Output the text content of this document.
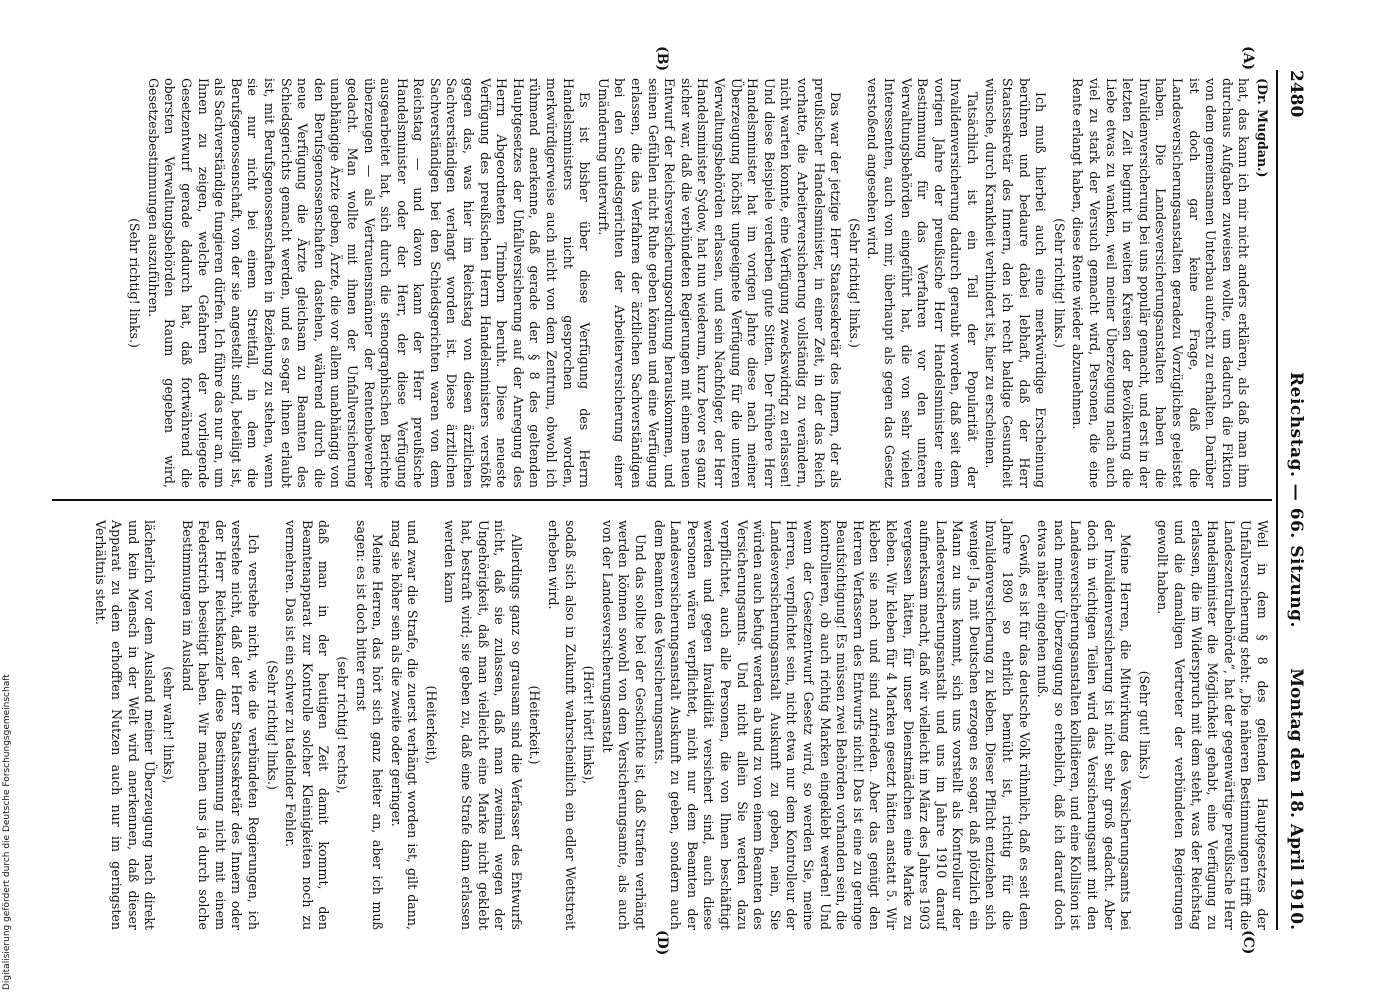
2480
Reichstag. — 66. Sitzung.
Montag den 18. April 1910.
(A)
(B)
(C)
(D)

(Dr. Mugdan.)

hat, das kann ich mir nicht anders erklären, als daß man ihm durchaus Aufgaben zuweisen wollte, um dadurch die Fiktion von dem gemeinsamen Unterbau aufrecht zu erhalten. Darüber ist doch gar keine Frage, daß die Landesversicherungsanstalten geradezu Vorzügliches geleistet haben. Die Landesversicherungsanstalten haben die Invalidenversicherung bei uns populär gemacht, und erst in der letzten Zeit beginnt in weiten Kreisen der Bevölkerung die Liebe etwas zu wanken, weil meiner Überzeugung nach auch viel zu stark der Versuch gemacht wird, Personen, die eine Rente erlangt haben, diese Rente wieder abzunehmen.

(Sehr richtig! links.)

Ich muß hierbei auch eine merkwürdige Erscheinung berühren und bedaure dabei lebhaft, daß der Herr Staatssekretär des Innern, den ich recht baldige Gesundheit wünsche, durch Krankheit verhindert ist, hier zu erscheinen.

Tatsächlich ist ein Teil der Popularität der Invalidenversicherung dadurch geraubt worden, daß seit dem vorigen Jahre der preußische Herr Handelsminister eine Bestimmung für das Verfahren vor den unteren Verwaltungsbehörden eingeführt hat, die von sehr vielen Interessenten, auch von mir, überhaupt als gegen das Gesetz verstoßend angesehen wird.

(Sehr richtig! links.)

Das war der jetzige Herr Staatssekretär des Innern, der als preußischer Handelsminister, in einer Zeit, in der das Reich vorhatte, die Arbeiterversicherung vollständig zu verändern, nicht warten konnte, eine Verfügung zweckswidrig zu erlassen! Und diese Beispiele verderben gute Sitten. Der frühere Herr Handelsminister hat im vorigen Jahre diese nach meiner Überzeugung höchst ungeeignete Verfügung für die unteren Verwaltungsbehörden erlassen, und sein Nachfolger, der Herr Handelsminister Sydow, hat nun wiederum, kurz bevor es ganz sicher war, daß die verbündeten Regierungen mit einem neuen Entwurf der Reichsversicherungsordnung herauskommen, und seinen Gefühlen nicht Ruhe geben können und eine Verfügung erlassen, die das Verfahren der ärztlichen Sachverständigen bei den Schiedsgerichten der Arbeiterversicherung einer Umänderung unterwirft.

Es ist bisher über diese Verfügung des Herrn Handelsministers nicht gesprochen worden, merkwürdigerweise auch nicht von dem Zentrum, obwohl ich rühmend anerkenne, daß gerade der § 8 des geltenden Hauptgesetzes der Unfallversicherung auf der Anregung des Herrn Abgeordneten Trimborn beruht. Diese neueste Verfügung des preußischen Herrn Handelsministers verstößt gegen das, was hier im Reichstag von diesen ärztlichen Sachverständigen verlangt worden ist. Diese ärztlichen Sachverständigen bei den Schiedsgerichten waren von dem Reichstag — und davon kann der Herr preußische Handelsminister oder der Herr, der diese Verfügung ausgearbeitet hat, sich durch die stenographischen Berichte überzeugen — als Vertrauensmänner der Rentenbewerber gedacht. Man wollte mit ihnen der Unfallversicherung unabhängige Ärzte geben, Ärzte, die vor allem unabhängig von den Berufsgenossenschaften dastehen, während durch die neue Verfügung die Ärzte gleichsam zu Beamten des Schiedsgerichts gemacht werden, und es sogar ihnen erlaubt ist, mit Berufsgenossenschaften in Beziehung zu stehen, wenn sie nur nicht bei einem Streitfall, in dem die Berufsgenossenschaft, von der sie angestellt sind, beteiligt ist, als Sachverständige fungieren dürfen. Ich führe das nur an, um Ihnen zu zeigen, welche Gefahren der vorliegende Gesetzentwurf gerade dadurch hat, daß fortwährend die obersten Verwaltungsbehörden Raum gegeben wird, Gesetzesbestimmungen auszuführen.

(Sehr richtig! links.)

Weil in dem § 8 des geltenden Hauptgesetzes der Unfallversicherung steht: „Die näheren Bestimmungen trifft die Landeszentralbehörde“, hat der gegenwärtige preußische Herr Handelsminister die Möglichkeit gehabt, eine Verfügung zu erlassen, die im Widerspruch mit dem steht, was der Reichstag und die damaligen Vertreter der verbündeten Regierungen gewollt haben.

(Sehr gut! links.)

Meine Herren, die Mitwirkung des Versicherungsamts bei der Invalidenversicherung ist nicht sehr groß gedacht. Aber doch in wichtigen Teilen wird das Versicherungsamt mit den Landesversicherungsanstalten kollidieren, und eine Kollision ist nach meiner Überzeugung so erheblich, daß ich darauf doch etwas näher eingehen muß.

Gewiß, es ist für das deutsche Volk rühmlich, daß es seit dem Jahre 1890 so ehrlich bemüht ist, richtig für die Invalidenversicherung zu kleben. Dieser Pflicht entziehen sich wenige! Ja, mit Deutschen erzogen es sogar, daß plötzlich ein Mann zu uns kommt, sich uns vorstellt als Kontrolleur der Landesversicherungsanstalt und uns im Jahre 1910 darauf aufmerksam macht, daß wir vielleicht im März des Jahres 1903 vergessen hätten, für unser Dienstmädchen eine Marke zu kleben. Wir kleben für 4 Marken gesetzt hätten anstatt 5. Wir kleben sie nach und sind zufrieden. Aber das genügt den Herren Verfassern des Entwurfs nicht! Das ist eine zu geringe Beaufsichtigung! Es müssen zwei Behörden vorhanden sein, die kontrollieren, ob auch richtig Marken eingeklebt werden! Und wenn der Gesetzentwurf Gesetz wird, so werden Sie, meine Herren, verpflichtet sein, nicht etwa nur dem Kontrolleur der Landesversicherungsanstalt Auskunft zu geben, nein, Sie würden auch befugt werden ab und zu von einem Beamten des Versicherungsamts. Und nicht allein Sie werden dazu verpflichtet, auch alle Personen, die von Ihnen beschäftigt werden und gegen Invalidität versichert sind, auch diese Personen wären verpflichtet, nicht nur dem Beamten der Landesversicherungsanstalt Auskunft zu geben, sondern auch dem Beamten des Versicherungsamts.

Und das sollte bei der Geschichte ist, daß Strafen verhängt werden können sowohl von dem Versicherungsamte, als auch von der Landesversicherungsanstalt

(Hört! hört! links),

sodaß sich also in Zukunft wahrscheinlich ein edler Wettstreit erheben wird.

(Heiterkeit.)

Allerdings ganz so grausam sind die Verfasser des Entwurfs nicht, daß sie zulassen, daß man zweimal wegen der Ungehörigkeit, daß man vielleicht eine Marke nicht geklebt hat, bestraft wird; sie geben zu, daß eine Strafe dann erlassen werden kann

(Heiterkeit),

und zwar die Strafe, die zuerst verhängt worden ist, gilt dann, mag sie höher sein als die zweite oder geringer.

Meine Herren, das hört sich ganz heiter an, aber ich muß sagen: es ist doch bitter ernst

(sehr richtig! rechts),

daß man in der heutigen Zeit damit kommt, den Beamtenapparat zur Kontrolle solcher Kleinigkeiten noch zu vermehren. Das ist ein schwer zu tadelnder Fehler.

(Sehr richtig! links.)

Ich verstehe nicht, wie die verbündeten Regierungen, ich verstehe nicht, daß der Herr Staatssekretär des Innern oder der Herr Reichskanzler diese Bestimmung nicht mit einem Federstrich beseitigt haben. Wir machen uns ja durch solche Bestimmungen im Ausland

(sehr wahr! links),

lächerlich vor dem Ausland meiner Überzeugung nach direkt und kein Mensch in der Welt wird anerkennen, daß dieser Apparat zu dem erhofften Nutzen auch nur im geringsten Verhältnis steht.

Digitalisierung gefördert durch die Deutsche Forschungsgemeinschaft
